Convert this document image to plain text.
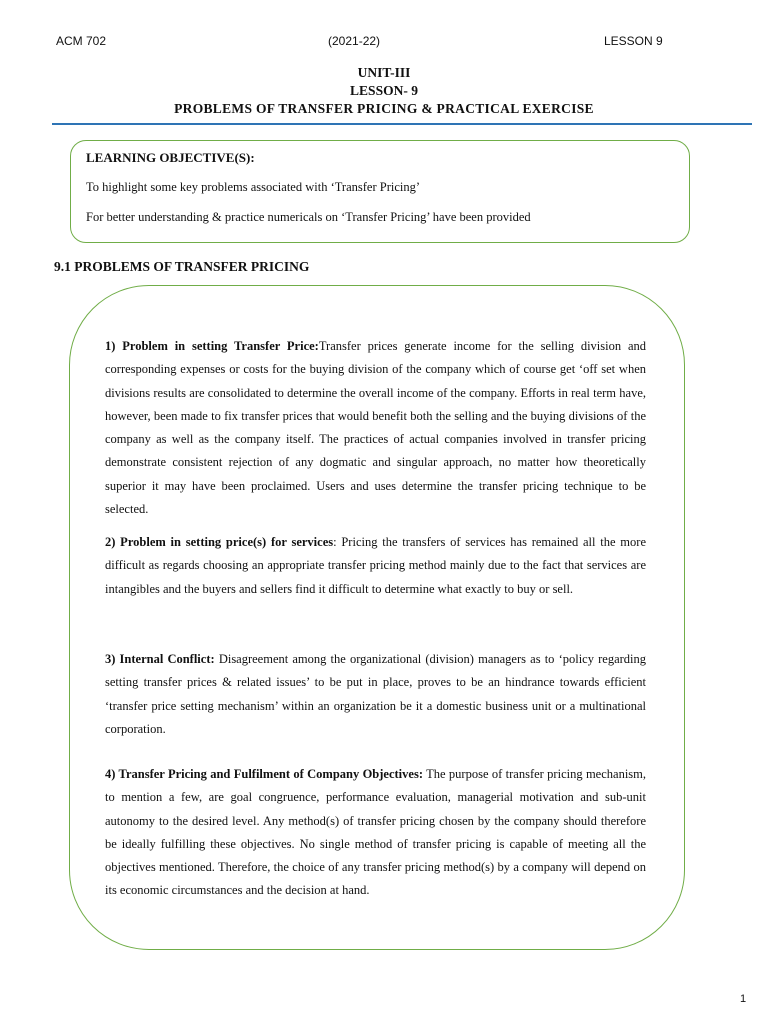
ACM 702	(2021-22)	LESSON 9
UNIT-III
LESSON- 9
PROBLEMS OF TRANSFER PRICING & PRACTICAL EXERCISE
LEARNING OBJECTIVE(S):
To highlight some key problems associated with ‘Transfer Pricing’
For better understanding & practice numericals on ‘Transfer Pricing’ have been provided
9.1 PROBLEMS OF TRANSFER PRICING
1) Problem in setting Transfer Price:Transfer prices generate income for the selling division and corresponding expenses or costs for the buying division of the company which of course get ‘off set when divisions results are consolidated to determine the overall income of the company. Efforts in real term have, however, been made to fix transfer prices that would benefit both the selling and the buying divisions of the company as well as the company itself. The practices of actual companies involved in transfer pricing demonstrate consistent rejection of any dogmatic and singular approach, no matter how theoretically superior it may have been proclaimed. Users and uses determine the transfer pricing technique to be selected.
2) Problem in setting price(s) for services: Pricing the transfers of services has remained all the more difficult as regards choosing an appropriate transfer pricing method mainly due to the fact that services are intangibles and the buyers and sellers find it difficult to determine what exactly to buy or sell.
3) Internal Conflict: Disagreement among the organizational (division) managers as to ‘policy regarding setting transfer prices & related issues’ to be put in place, proves to be an hindrance towards efficient ‘transfer price setting mechanism’ within an organization be it a domestic business unit or a multinational corporation.
4) Transfer Pricing and Fulfilment of Company Objectives: The purpose of transfer pricing mechanism, to mention a few, are goal congruence, performance evaluation, managerial motivation and sub-unit autonomy to the desired level. Any method(s) of transfer pricing chosen by the company should therefore be ideally fulfilling these objectives. No single method of transfer pricing is capable of meeting all the objectives mentioned. Therefore, the choice of any transfer pricing method(s) by a company will depend on its economic circumstances and the decision at hand.
1
